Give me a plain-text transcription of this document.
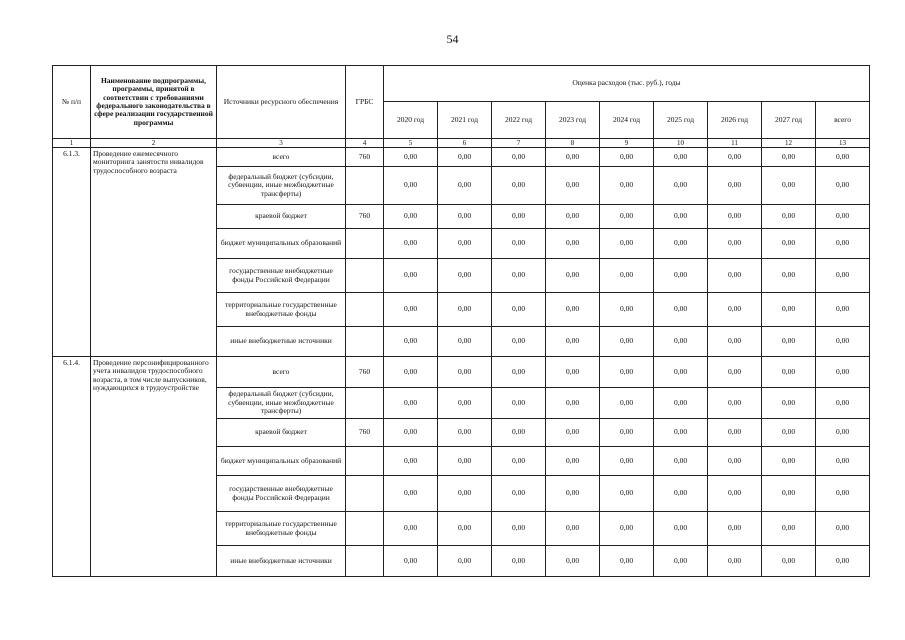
54
№ п/п	Наименование подпрограммы, программы, принятой в соответствии с требованиями федерального законодательства в сфере реализации государственной программы	Источники ресурсного обеспечения	ГРБС	Оценка расходов (тыс. руб.), годы								
				2020 год	2021 год	2022 год	2023 год	2024 год	2025 год	2026 год	2027 год	всего
1	2	3	4	5	6	7	8	9	10	11	12	13
6.1.3.	Проведение ежемесячного мониторинга занятости инвалидов трудоспособного возраста	всего	760	0,00	0,00	0,00	0,00	0,00	0,00	0,00	0,00	0,00
		федеральный бюджет (субсидии, субвенции, иные межбюджетные трансферты)		0,00	0,00	0,00	0,00	0,00	0,00	0,00	0,00	0,00
		краевой бюджет	760	0,00	0,00	0,00	0,00	0,00	0,00	0,00	0,00	0,00
		бюджет муниципальных образований		0,00	0,00	0,00	0,00	0,00	0,00	0,00	0,00	0,00
		государственные внебюджетные фонды Российской Федерации		0,00	0,00	0,00	0,00	0,00	0,00	0,00	0,00	0,00
		территориальные государственные внебюджетные фонды		0,00	0,00	0,00	0,00	0,00	0,00	0,00	0,00	0,00
		иные внебюджетные источники		0,00	0,00	0,00	0,00	0,00	0,00	0,00	0,00	0,00
6.1.4.	Проведение персонифицированного учета инвалидов трудоспособного возраста, в том числе выпускников, нуждающихся в трудоустройстве	всего	760	0,00	0,00	0,00	0,00	0,00	0,00	0,00	0,00	0,00
		федеральный бюджет (субсидии, субвенции, иные межбюджетные трансферты)		0,00	0,00	0,00	0,00	0,00	0,00	0,00	0,00	0,00
		краевой бюджет	760	0,00	0,00	0,00	0,00	0,00	0,00	0,00	0,00	0,00
		бюджет муниципальных образований		0,00	0,00	0,00	0,00	0,00	0,00	0,00	0,00	0,00
		государственные внебюджетные фонды Российской Федерации		0,00	0,00	0,00	0,00	0,00	0,00	0,00	0,00	0,00
		территориальные государственные внебюджетные фонды		0,00	0,00	0,00	0,00	0,00	0,00	0,00	0,00	0,00
		иные внебюджетные источники		0,00	0,00	0,00	0,00	0,00	0,00	0,00	0,00	0,00
